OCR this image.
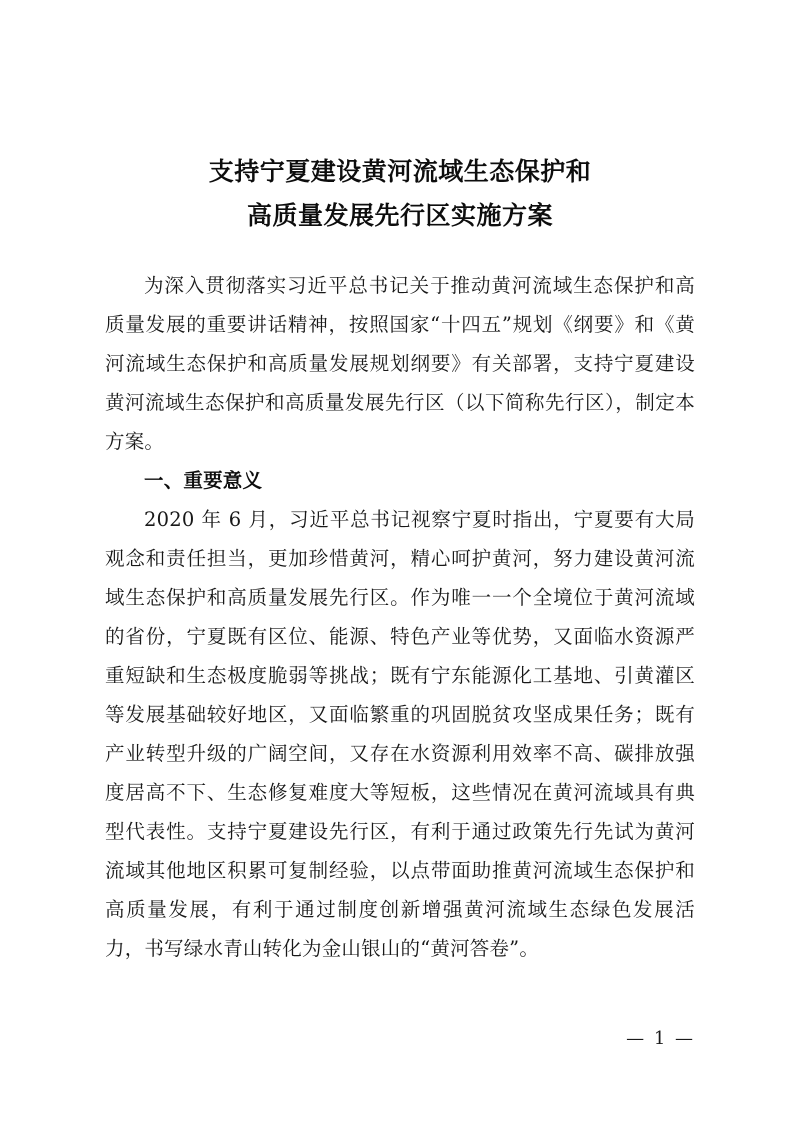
支持宁夏建设黄河流域生态保护和
高质量发展先行区实施方案

为深入贯彻落实习近平总书记关于推动黄河流域生态保护和高质量发展的重要讲话精神，按照国家“十四五”规划《纲要》和《黄河流域生态保护和高质量发展规划纲要》有关部署，支持宁夏建设黄河流域生态保护和高质量发展先行区（以下简称先行区），制定本方案。

一、重要意义

2020 年 6 月，习近平总书记视察宁夏时指出，宁夏要有大局观念和责任担当，更加珍惜黄河，精心呵护黄河，努力建设黄河流域生态保护和高质量发展先行区。作为唯一一个全境位于黄河流域的省份，宁夏既有区位、能源、特色产业等优势，又面临水资源严重短缺和生态极度脆弱等挑战；既有宁东能源化工基地、引黄灌区等发展基础较好地区，又面临繁重的巩固脱贫攻坚成果任务；既有产业转型升级的广阔空间，又存在水资源利用效率不高、碳排放强度居高不下、生态修复难度大等短板，这些情况在黄河流域具有典型代表性。支持宁夏建设先行区，有利于通过政策先行先试为黄河流域其他地区积累可复制经验，以点带面助推黄河流域生态保护和高质量发展，有利于通过制度创新增强黄河流域生态绿色发展活力，书写绿水青山转化为金山银山的“黄河答卷”。

— 1 —
